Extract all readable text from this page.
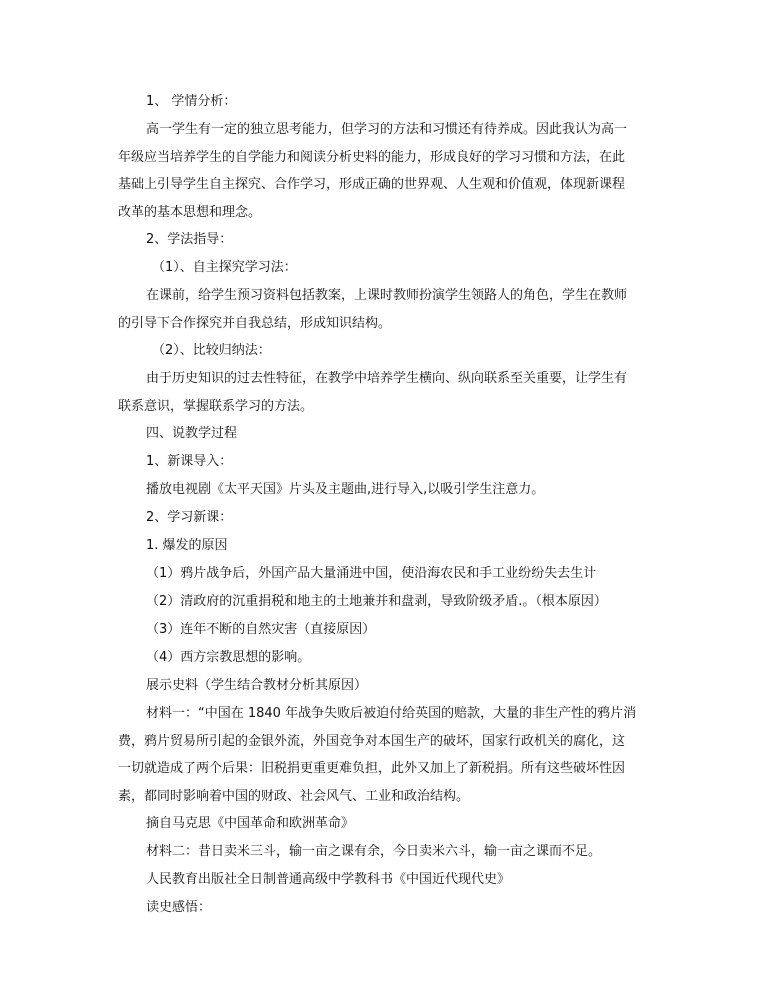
1、 学情分析：

高一学生有一定的独立思考能力，但学习的方法和习惯还有待养成。因此我认为高一
年级应当培养学生的自学能力和阅读分析史料的能力，形成良好的学习习惯和方法，在此
基础上引导学生自主探究、合作学习，形成正确的世界观、人生观和价值观，体现新课程
改革的基本思想和理念。

2、学法指导：

（1）、自主探究学习法：

在课前，给学生预习资料包括教案，上课时教师扮演学生领路人的角色，学生在教师
的引导下合作探究并自我总结，形成知识结构。

（2）、比较归纳法：

由于历史知识的过去性特征，在教学中培养学生横向、纵向联系至关重要，让学生有
联系意识，掌握联系学习的方法。

四、说教学过程

1、新课导入：

播放电视剧《太平天国》片头及主题曲,进行导入,以吸引学生注意力。

2、学习新课：

1. 爆发的原因

（1）鸦片战争后，外国产品大量涌进中国，使沿海农民和手工业纷纷失去生计

（2）清政府的沉重捐税和地主的土地兼并和盘剥，导致阶级矛盾.。（根本原因）

（3）连年不断的自然灾害（直接原因）

（4）西方宗教思想的影响。

展示史料（学生结合教材分析其原因）

材料一：“中国在 1840 年战争失败后被迫付给英国的赔款，大量的非生产性的鸦片消
费，鸦片贸易所引起的金银外流，外国竞争对本国生产的破坏，国家行政机关的腐化，这
一切就造成了两个后果：旧税捐更重更难负担，此外又加上了新税捐。所有这些破坏性因
素，都同时影响着中国的财政、社会风气、工业和政治结构。

摘自马克思《中国革命和欧洲革命》

材料二：昔日卖米三斗，输一亩之课有余，今日卖米六斗，输一亩之课而不足。

人民教育出版社全日制普通高级中学教科书《中国近代现代史》

读史感悟：
